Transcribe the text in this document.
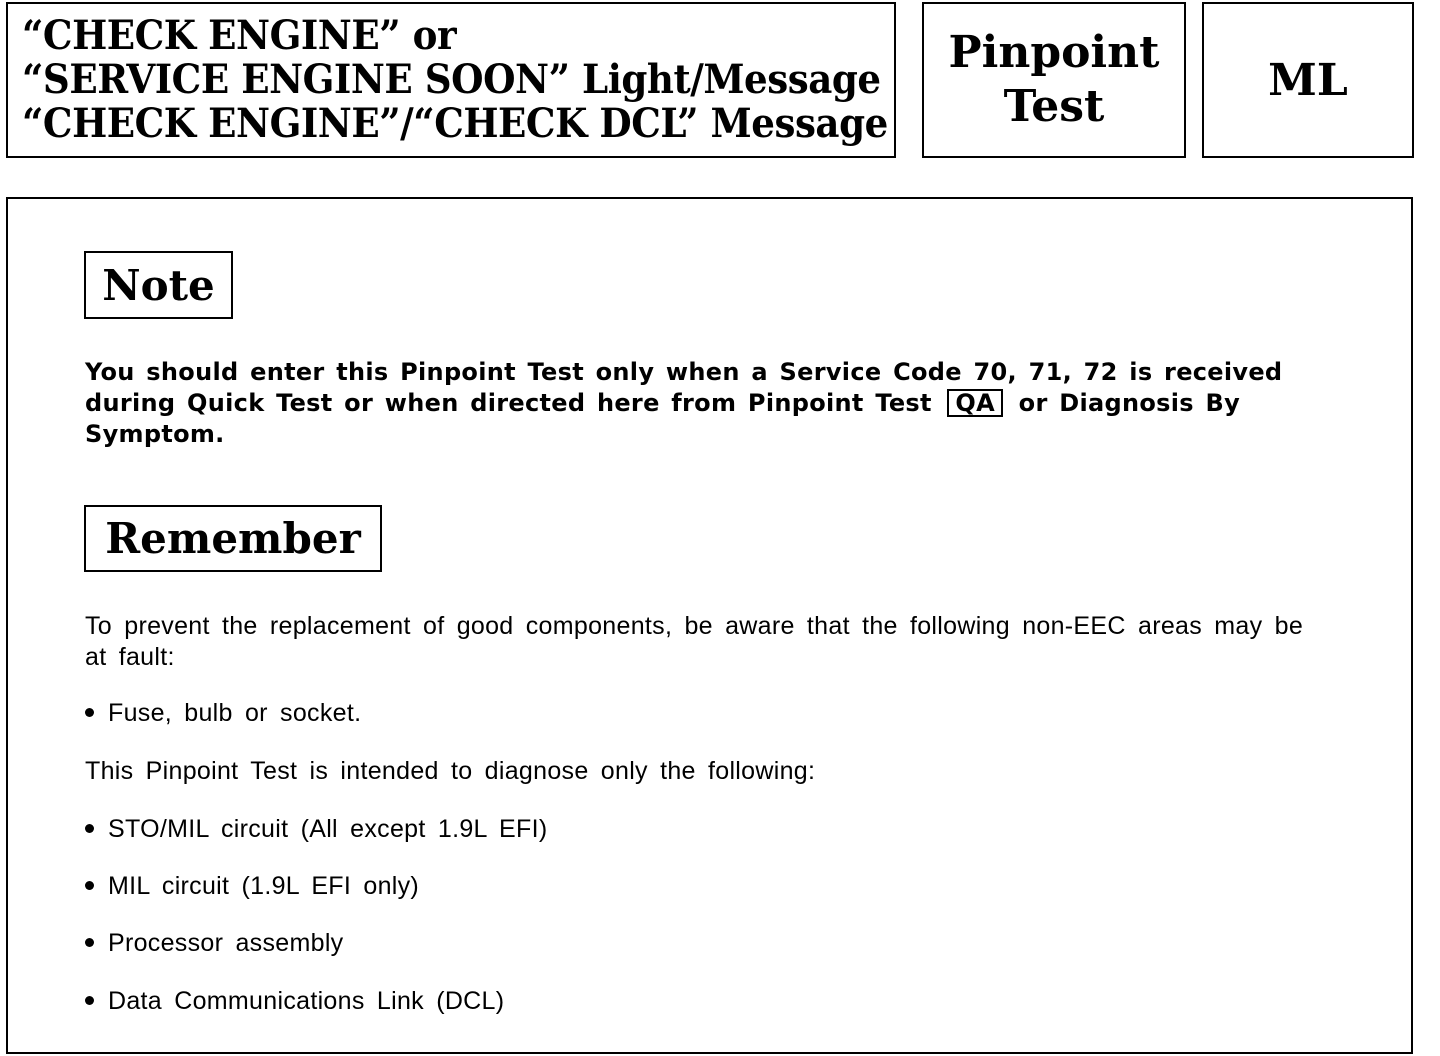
“CHECK ENGINE” or
“SERVICE ENGINE SOON” Light/Message
“CHECK ENGINE”/“CHECK DCL” Message
Pinpoint
Test
ML
Note
You should enter this Pinpoint Test only when a Service Code 70, 71, 72 is received during Quick Test or when directed here from Pinpoint Test QA or Diagnosis By Symptom.
Remember
To prevent the replacement of good components, be aware that the following non-EEC areas may be at fault:
Fuse, bulb or socket.
This Pinpoint Test is intended to diagnose only the following:
STO/MIL circuit (All except 1.9L EFI)
MIL circuit (1.9L EFI only)
Processor assembly
Data Communications Link (DCL)
